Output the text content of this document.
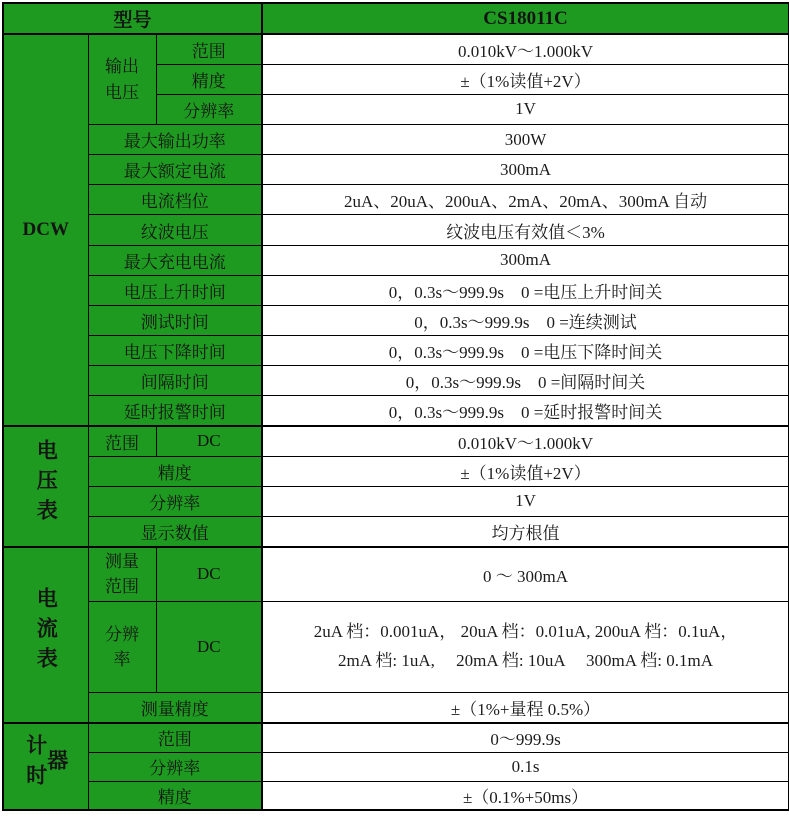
型号			CS18011C
DCW	输出电压	范围	0.010kV～1.000kV
		精度	±（1%读值+2V）
		分辨率	1V
	最大输出功率		300W
	最大额定电流		300mA
	电流档位		2uA、20uA、200uA、2mA、20mA、300mA 自动
	纹波电压		纹波电压有效值＜3%
	最大充电电流		300mA
	电压上升时间		0，0.3s～999.9s　0 =电压上升时间关
	测试时间		0，0.3s～999.9s　0 =连续测试
	电压下降时间		0，0.3s～999.9s　0 =电压下降时间关
	间隔时间		0，0.3s～999.9s　0 =间隔时间关
	延时报警时间		0，0.3s～999.9s　0 =延时报警时间关
电压表	范围	DC	0.010kV～1.000kV
	精度		±（1%读值+2V）
	分辨率		1V
	显示数值		均方根值
电流表	测量范围	DC	0 ～ 300mA
	分辨率	DC	2uA 档：0.001uA， 20uA 档：0.01uA, 200uA 档：0.1uA，
2mA 档: 1uA,　 20mA 档: 10uA　 300mA 档: 0.1mA

	测量精度		±（1%+量程 0.5%）
计时器	范围		0～999.9s
	分辨率		0.1s
	精度		±（0.1%+50ms）
